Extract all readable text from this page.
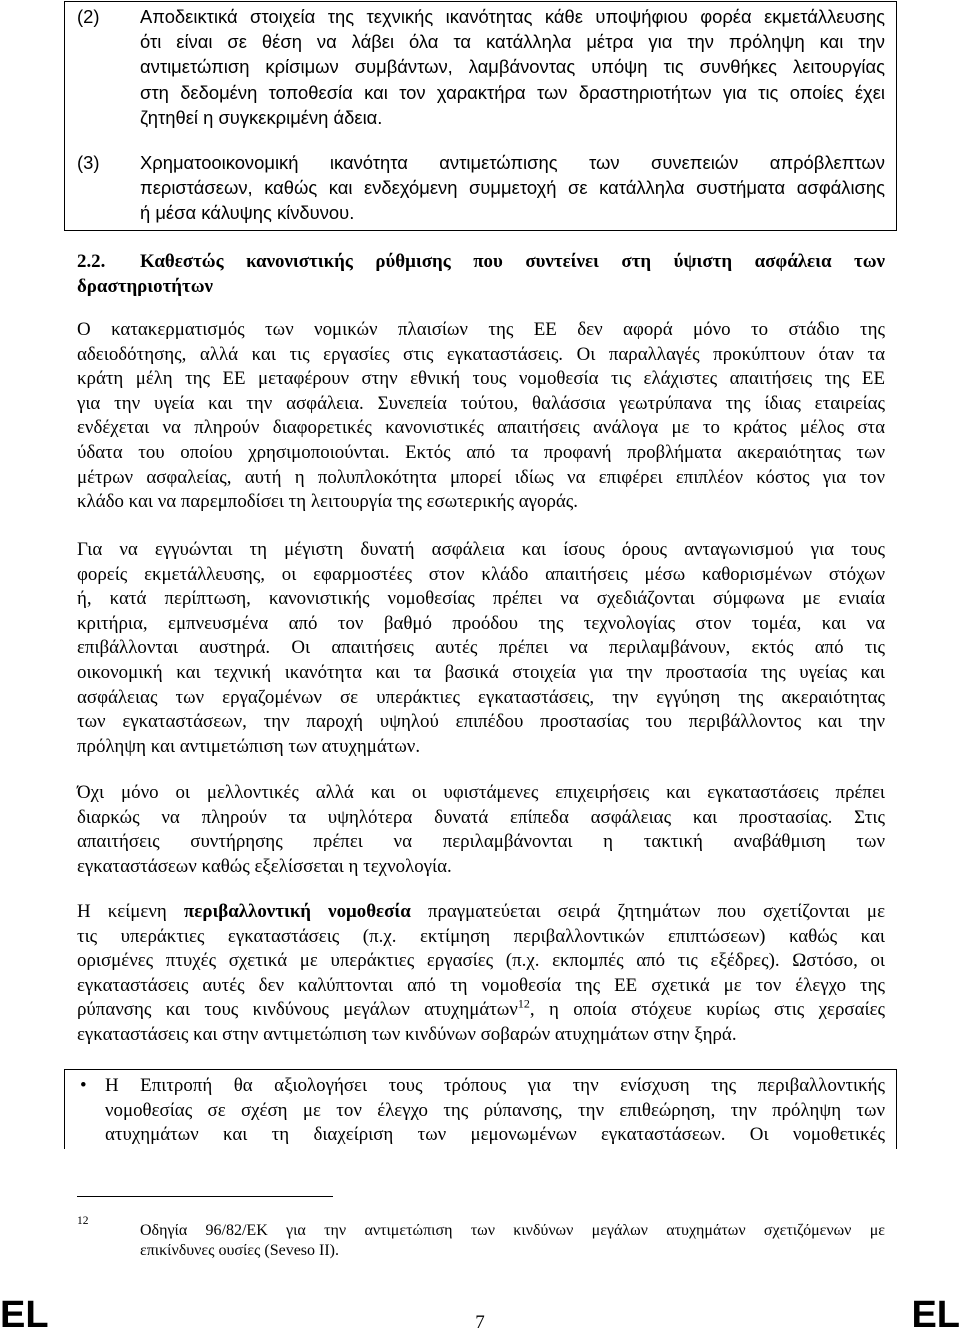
(2) Αποδεικτικά στοιχεία της τεχνικής ικανότητας κάθε υποψήφιου φορέα εκμετάλλευσης
ότι είναι σε θέση να λάβει όλα τα κατάλληλα μέτρα για την πρόληψη και την
αντιμετώπιση κρίσιμων συμβάντων, λαμβάνοντας υπόψη τις συνθήκες λειτουργίας
στη δεδομένη τοποθεσία και τον χαρακτήρα των δραστηριοτήτων για τις οποίες έχει
ζητηθεί η συγκεκριμένη άδεια.
(3) Χρηματοοικονομική ικανότητα αντιμετώπισης των συνεπειών απρόβλεπτων
περιστάσεων, καθώς και ενδεχόμενη συμμετοχή σε κατάλληλα συστήματα ασφάλισης
ή μέσα κάλυψης κίνδυνου.
2.2. Καθεστώς κανονιστικής ρύθμισης που συντείνει στη ύψιστη ασφάλεια των
δραστηριοτήτων
Ο κατακερματισμός των νομικών πλαισίων της ΕΕ δεν αφορά μόνο το στάδιο της
αδειοδότησης, αλλά και τις εργασίες στις εγκαταστάσεις. Οι παραλλαγές προκύπτουν όταν τα
κράτη μέλη της ΕΕ μεταφέρουν στην εθνική τους νομοθεσία τις ελάχιστες απαιτήσεις της ΕΕ
για την υγεία και την ασφάλεια. Συνεπεία τούτου, θαλάσσια γεωτρύπανα της ίδιας εταιρείας
ενδέχεται να πληρούν διαφορετικές κανονιστικές απαιτήσεις ανάλογα με το κράτος μέλος στα
ύδατα του οποίου χρησιμοποιούνται. Εκτός από τα προφανή προβλήματα ακεραιότητας των
μέτρων ασφαλείας, αυτή η πολυπλοκότητα μπορεί ιδίως να επιφέρει επιπλέον κόστος για τον
κλάδο και να παρεμποδίσει τη λειτουργία της εσωτερικής αγοράς.
Για να εγγυώνται τη μέγιστη δυνατή ασφάλεια και ίσους όρους ανταγωνισμού για τους
φορείς εκμετάλλευσης, οι εφαρμοστέες στον κλάδο απαιτήσεις μέσω καθορισμένων στόχων
ή, κατά περίπτωση, κανονιστικής νομοθεσίας πρέπει να σχεδιάζονται σύμφωνα με ενιαία
κριτήρια, εμπνευσμένα από τον βαθμό προόδου της τεχνολογίας στον τομέα, και να
επιβάλλονται αυστηρά. Οι απαιτήσεις αυτές πρέπει να περιλαμβάνουν, εκτός από τις
οικονομική και τεχνική ικανότητα και τα βασικά στοιχεία για την προστασία της υγείας και
ασφάλειας των εργαζομένων σε υπεράκτιες εγκαταστάσεις, την εγγύηση της ακεραιότητας
των εγκαταστάσεων, την παροχή υψηλού επιπέδου προστασίας του περιβάλλοντος και την
πρόληψη και αντιμετώπιση των ατυχημάτων.
Όχι μόνο οι μελλοντικές αλλά και οι υφιστάμενες επιχειρήσεις και εγκαταστάσεις πρέπει
διαρκώς να πληρούν τα υψηλότερα δυνατά επίπεδα ασφάλειας και προστασίας. Στις
απαιτήσεις συντήρησης πρέπει να περιλαμβάνονται η τακτική αναβάθμιση των
εγκαταστάσεων καθώς εξελίσσεται η τεχνολογία.
Η κείμενη περιβαλλοντική νομοθεσία πραγματεύεται σειρά ζητημάτων που σχετίζονται με
τις υπεράκτιες εγκαταστάσεις (π.χ. εκτίμηση περιβαλλοντικών επιπτώσεων) καθώς και
ορισμένες πτυχές σχετικά με υπεράκτιες εργασίες (π.χ. εκπομπές από τις εξέδρες). Ωστόσο, οι
εγκαταστάσεις αυτές δεν καλύπτονται από τη νομοθεσία της ΕΕ σχετικά με τον έλεγχο της
ρύπανσης και τους κινδύνους μεγάλων ατυχημάτων$^{12}$, η οποία στόχευε κυρίως στις χερσαίες
εγκαταστάσεις και στην αντιμετώπιση των κινδύνων σοβαρών ατυχημάτων στην ξηρά.
• Η Επιτροπή θα αξιολογήσει τους τρόπους για την ενίσχυση της περιβαλλοντικής
νομοθεσίας σε σχέση με τον έλεγχο της ρύπανσης, την επιθεώρηση, την πρόληψη των
ατυχημάτων και τη διαχείριση των μεμονωμένων εγκαταστάσεων. Οι νομοθετικές
12
Οδηγία 96/82/ΕΚ για την αντιμετώπιση των κινδύνων μεγάλων ατυχημάτων σχετιζόμενων με
επικίνδυνες ουσίες (Seveso II).
EL	7	EL
